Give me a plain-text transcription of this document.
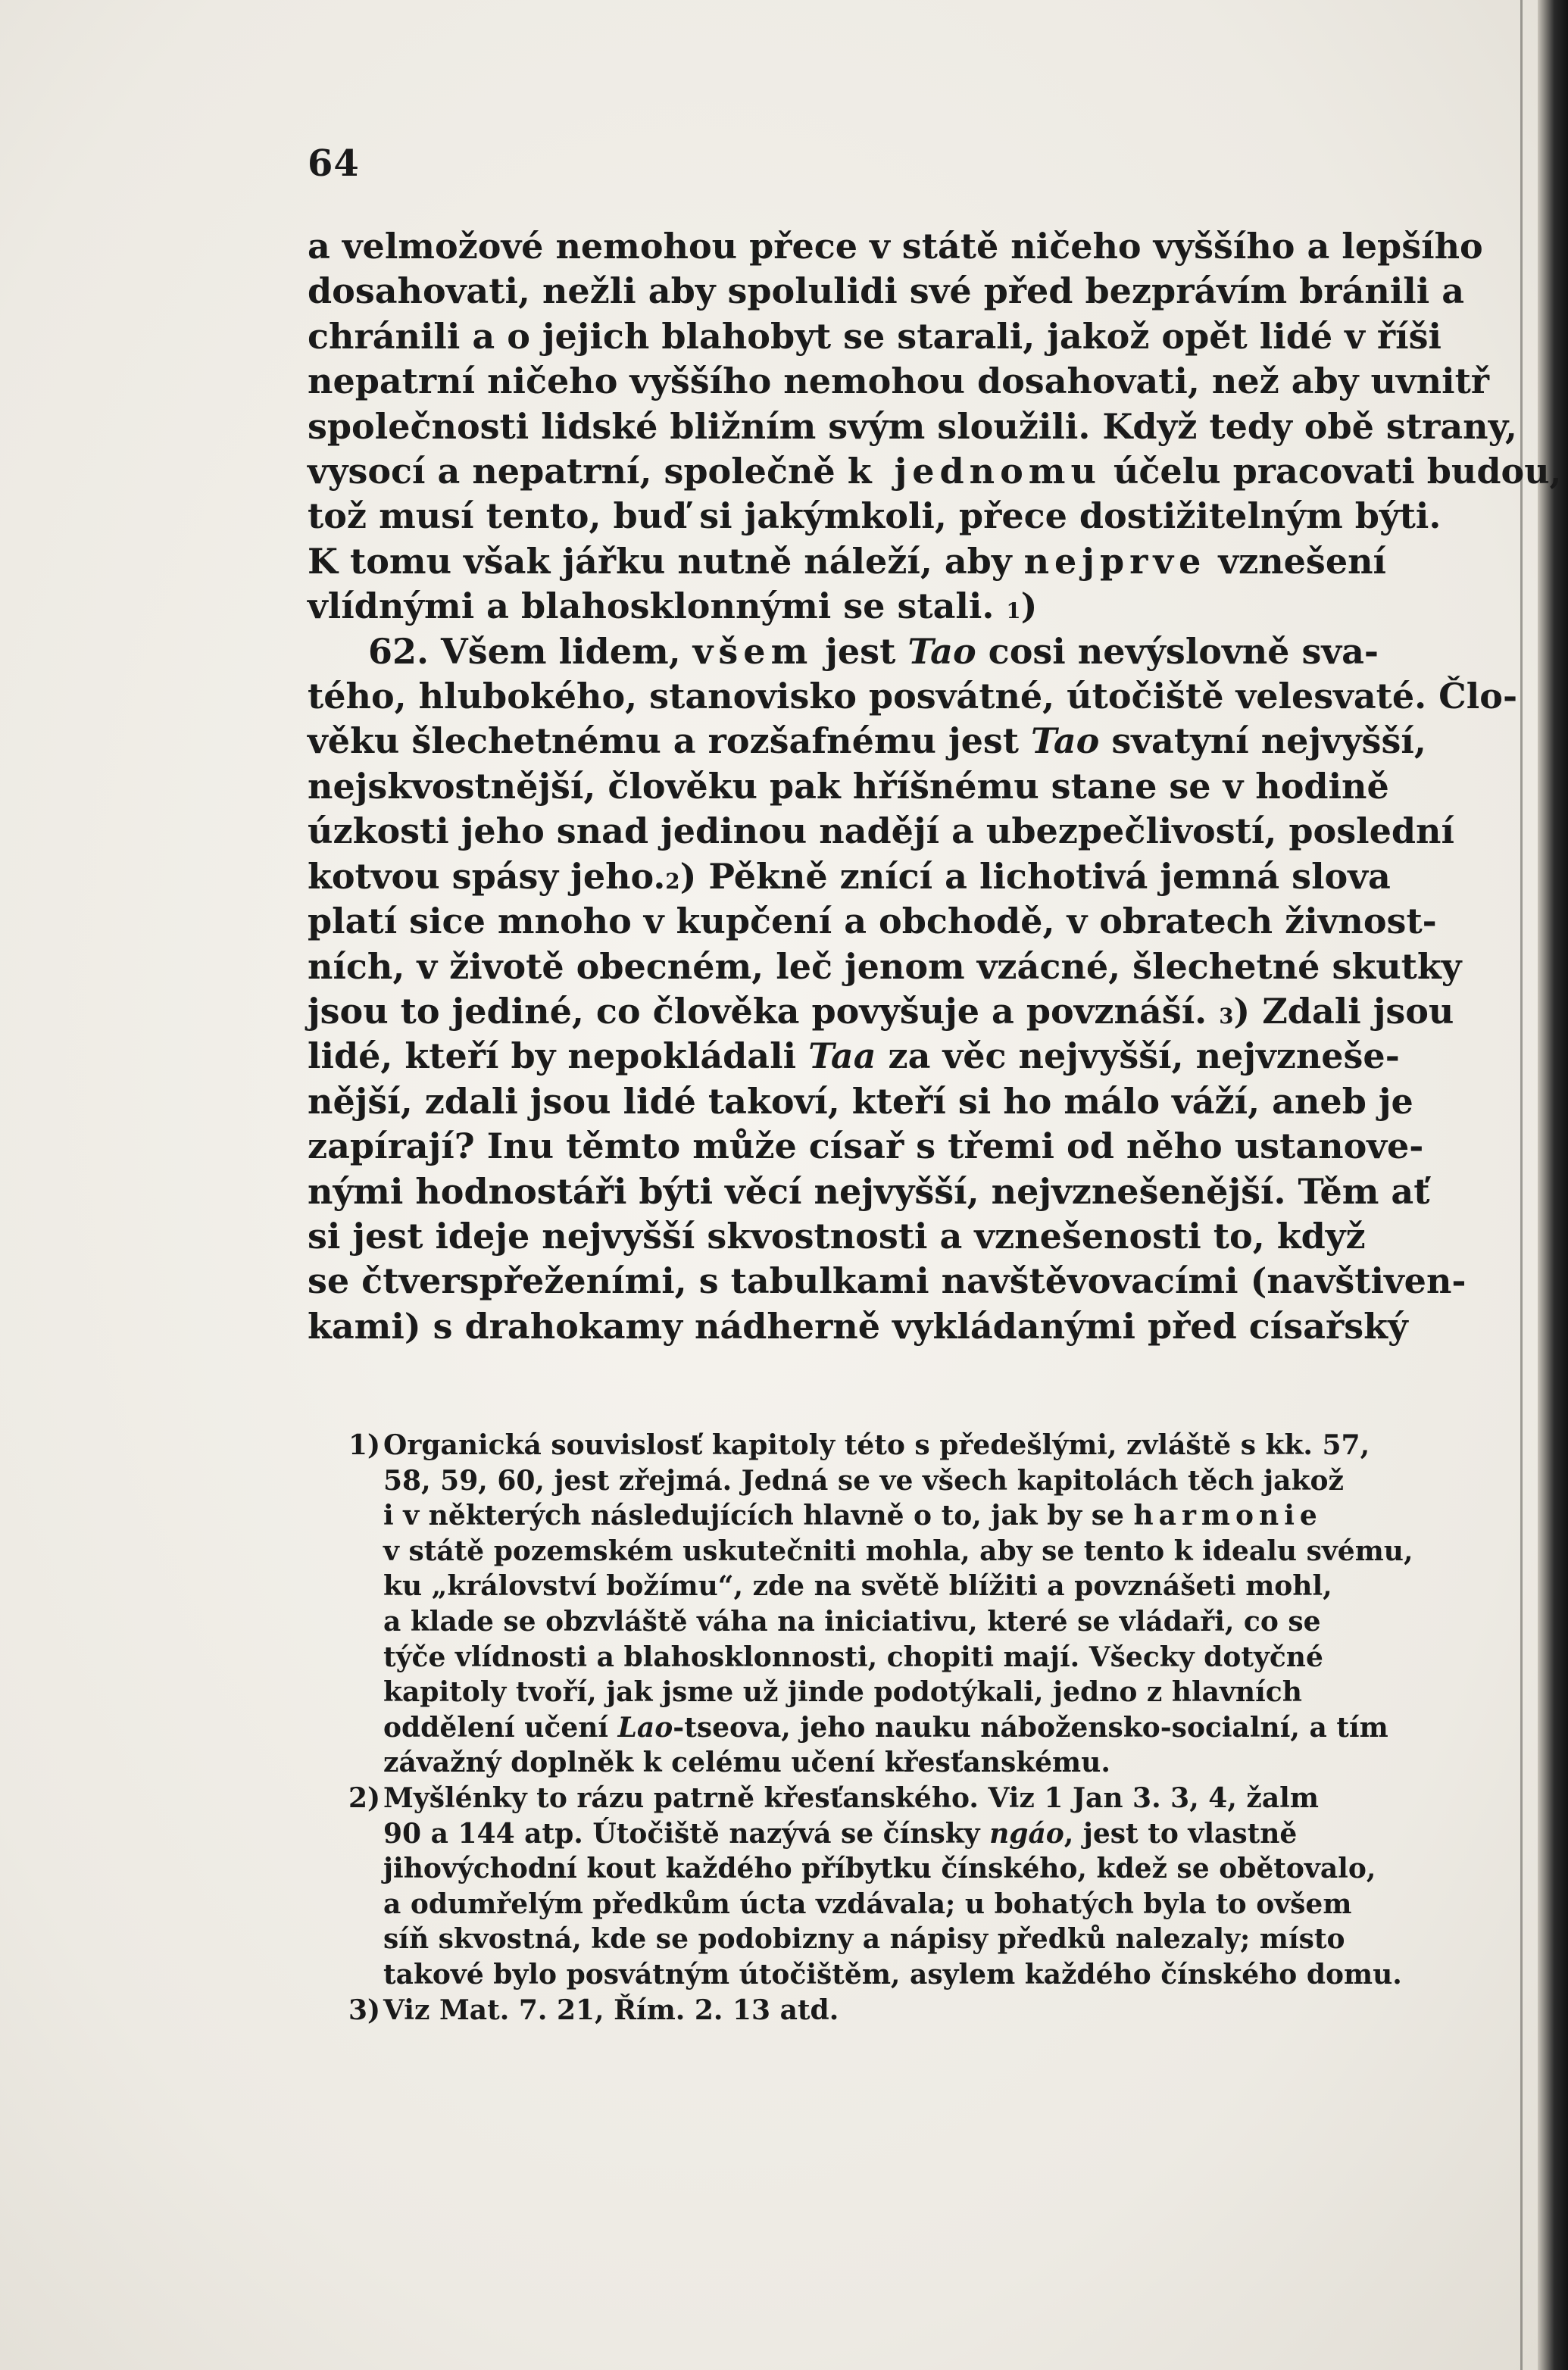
64
a velmožové nemohou přece v státě ničeho vyššího a lepšího
dosahovati, nežli aby spolulidi své před bezprávím bránili a
chránili a o jejich blahobyt se starali, jakož opět lidé v říši
nepatrní ničeho vyššího nemohou dosahovati, než aby uvnitř
společnosti lidské bližním svým sloužili. Když tedy obě strany,
vysocí a nepatrní, společně k jednomu účelu pracovati budou,
tož musí tento, buď si jakýmkoli, přece dostižitelným býti.
K tomu však jářku nutně náleží, aby nejprve vznešení
vlídnými a blahosklonnými se stali. $^1$)
62. Všem lidem, všem jest Tao cosi nevýslovně sva-
tého, hlubokého, stanovisko posvátné, útočiště velesvaté. Člo-
věku šlechetnému a rozšafnému jest Tao svatyní nejvyšší,
nejskvostnější, člověku pak hříšnému stane se v hodině
úzkosti jeho snad jedinou nadějí a ubezpečlivostí, poslední
kotvou spásy jeho.$^2$) Pěkně znící a lichotivá jemná slova
platí sice mnoho v kupčení a obchodě, v obratech živnost-
ních, v životě obecném, leč jenom vzácné, šlechetné skutky
jsou to jediné, co člověka povyšuje a povznáší. $^3$) Zdali jsou
lidé, kteří by nepokládali Taa za věc nejvyšší, nejvzneše-
nější, zdali jsou lidé takoví, kteří si ho málo váží, aneb je
zapírají? Inu těmto může císař s třemi od něho ustanove-
nými hodnostáři býti věcí nejvyšší, nejvznešenější. Těm ať
si jest ideje nejvyšší skvostnosti a vznešenosti to, když
se čtverspřeženími, s tabulkami navštěvovacími (navštiven-
kami) s drahokamy nádherně vykládanými před císařský
1) Organická souvislosť kapitoly této s předešlými, zvláště s kk. 57,
58, 59, 60, jest zřejmá. Jedná se ve všech kapitolách těch jakož
i v některých následujících hlavně o to, jak by se harmonie
v státě pozemském uskutečniti mohla, aby se tento k idealu svému,
ku „království božímu“, zde na světě blížiti a povznášeti mohl,
a klade se obzvláště váha na iniciativu, které se vládaři, co se
týče vlídnosti a blahosklonnosti, chopiti mají. Všecky dotyčné
kapitoly tvoří, jak jsme už jinde podotýkali, jedno z hlavních
oddělení učení Lao-tseova, jeho nauku nábožensko-socialní, a tím
závažný doplněk k celému učení křesťanskému.
2) Myšlénky to rázu patrně křesťanského. Viz 1 Jan 3. 3, 4, žalm
90 a 144 atp. Útočiště nazývá se čínsky ngáo, jest to vlastně
jihovýchodní kout každého příbytku čínského, kdež se obětovalo,
a odumřelým předkům úcta vzdávala; u bohatých byla to ovšem
síň skvostná, kde se podobizny a nápisy předků nalezaly; místo
takové bylo posvátným útočištěm, asylem každého čínského domu.
3) Viz Mat. 7. 21, Řím. 2. 13 atd.
